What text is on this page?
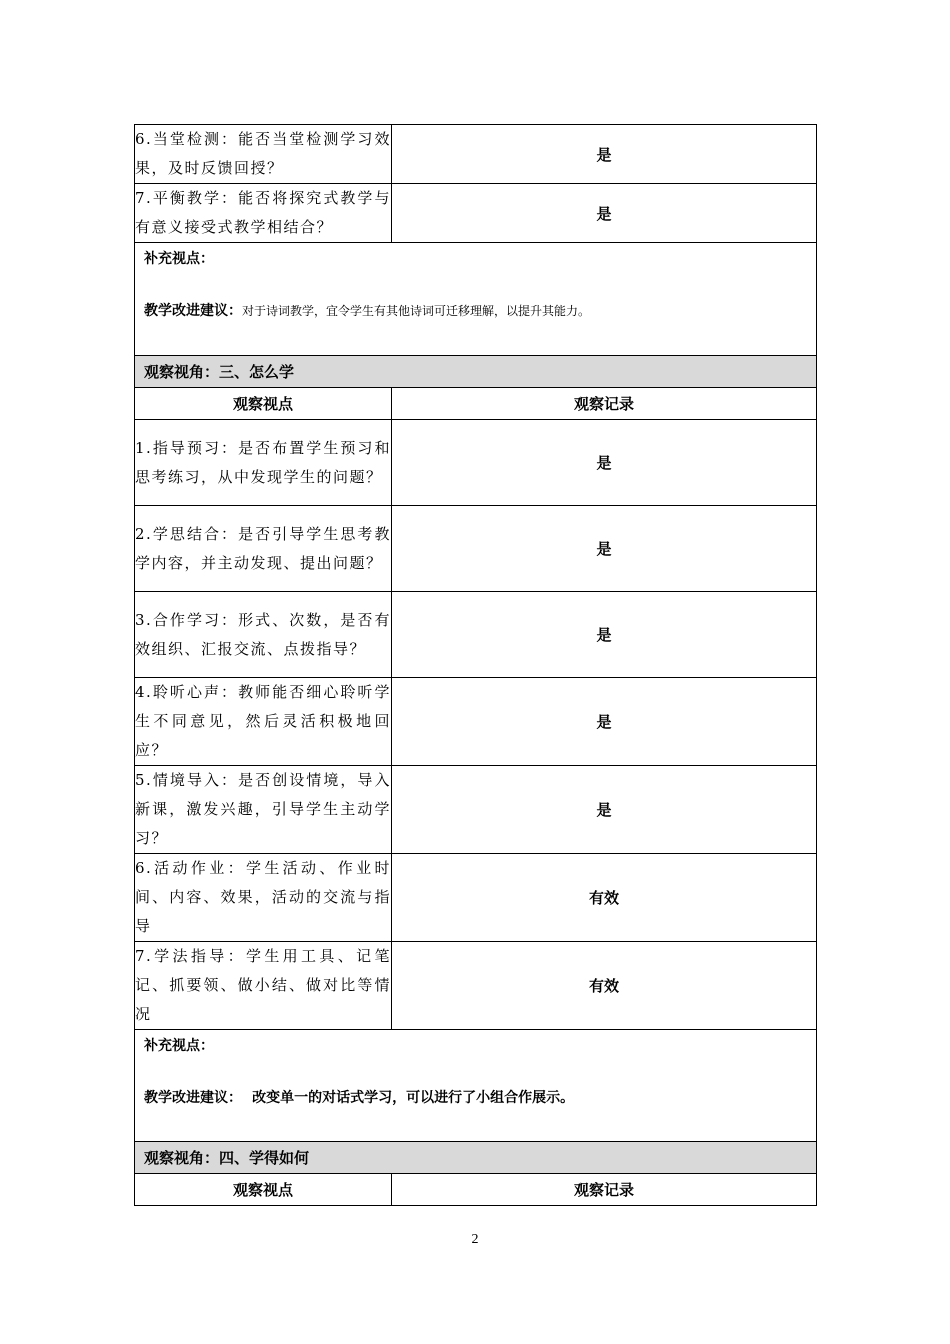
6.当堂检测：能否当堂检测学习效果，及时反馈回授？	是
7.平衡教学：能否将探究式教学与有意义接受式教学相结合？	是

补充视点：
教学改进建议：对于诗词教学，宜令学生有其他诗词可迁移理解，以提升其能力。	

观察视角：三、怎么学	
观察视点	观察记录
1.指导预习：是否布置学生预习和思考练习，从中发现学生的问题？	是
2.学思结合：是否引导学生思考教学内容，并主动发现、提出问题？	是
3.合作学习：形式、次数，是否有效组织、汇报交流、点拨指导？	是
4.聆听心声：教师能否细心聆听学生不同意见，然后灵活积极地回应？	是
5.情境导入：是否创设情境，导入新课，激发兴趣，引导学生主动学习？	是
6.活动作业：学生活动、作业时间、内容、效果，活动的交流与指导	有效
7.学法指导：学生用工具、记笔记、抓要领、做小结、做对比等情况	有效

补充视点：
教学改进建议： 改变单一的对话式学习，可以进行了小组合作展示。	

观察视角：四、学得如何	
观察视点	观察记录
2
